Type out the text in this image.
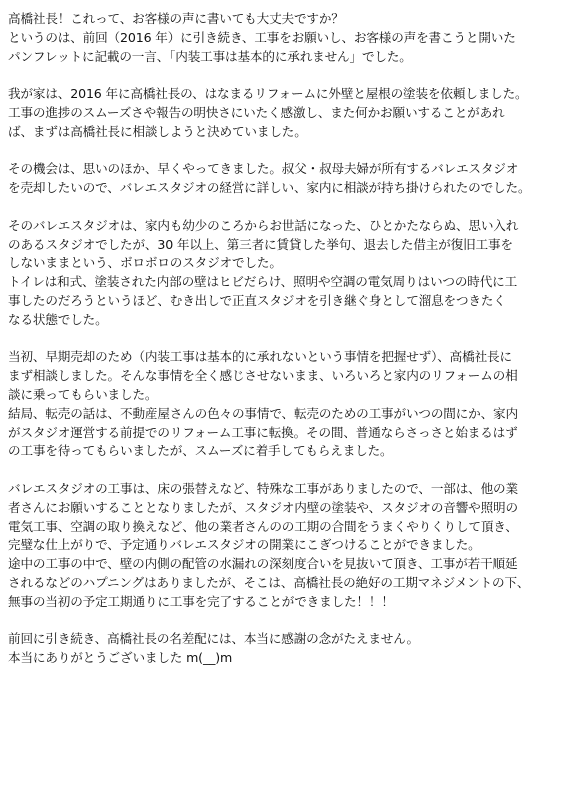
高橋社長！これって、お客様の声に書いても大丈夫ですか？
というのは、前回（2016 年）に引き続き、工事をお願いし、お客様の声を書こうと開いた
パンフレットに記載の一言、「内装工事は基本的に承れません」でした。
我が家は、2016 年に高橋社長の、はなまるリフォームに外壁と屋根の塗装を依頼しました。
工事の進捗のスムーズさや報告の明快さにいたく感激し、また何かお願いすることがあれ
ば、まずは高橋社長に相談しようと決めていました。
その機会は、思いのほか、早くやってきました。叔父・叔母夫婦が所有するバレエスタジオ
を売却したいので、バレエスタジオの経営に詳しい、家内に相談が持ち掛けられたのでした。
そのバレエスタジオは、家内も幼少のころからお世話になった、ひとかたならぬ、思い入れ
のあるスタジオでしたが、30 年以上、第三者に賃貸した挙句、退去した借主が復旧工事を
しないままという、ボロボロのスタジオでした。
トイレは和式、塗装された内部の壁はヒビだらけ、照明や空調の電気周りはいつの時代に工
事したのだろうというほど、むき出しで正直スタジオを引き継ぐ身として溜息をつきたく
なる状態でした。
当初、早期売却のため（内装工事は基本的に承れないという事情を把握せず）、高橋社長に
まず相談しました。そんな事情を全く感じさせないまま、いろいろと家内のリフォームの相
談に乗ってもらいました。
結局、転売の話は、不動産屋さんの色々の事情で、転売のための工事がいつの間にか、家内
がスタジオ運営する前提でのリフォーム工事に転換。その間、普通ならさっさと始まるはず
の工事を待ってもらいましたが、スムーズに着手してもらえました。
バレエスタジオの工事は、床の張替えなど、特殊な工事がありましたので、一部は、他の業
者さんにお願いすることとなりましたが、スタジオ内壁の塗装や、スタジオの音響や照明の
電気工事、空調の取り換えなど、他の業者さんのの工期の合間をうまくやりくりして頂き、
完璧な仕上がりで、予定通りバレエスタジオの開業にこぎつけることができました。
途中の工事の中で、壁の内側の配管の水漏れの深刻度合いを見抜いて頂き、工事が若干順延
されるなどのハプニングはありましたが、そこは、高橋社長の絶好の工期マネジメントの下、
無事の当初の予定工期通りに工事を完了することができました！！！
前回に引き続き、高橋社長の名差配には、本当に感謝の念がたえません。
本当にありがとうございました m(__)m
